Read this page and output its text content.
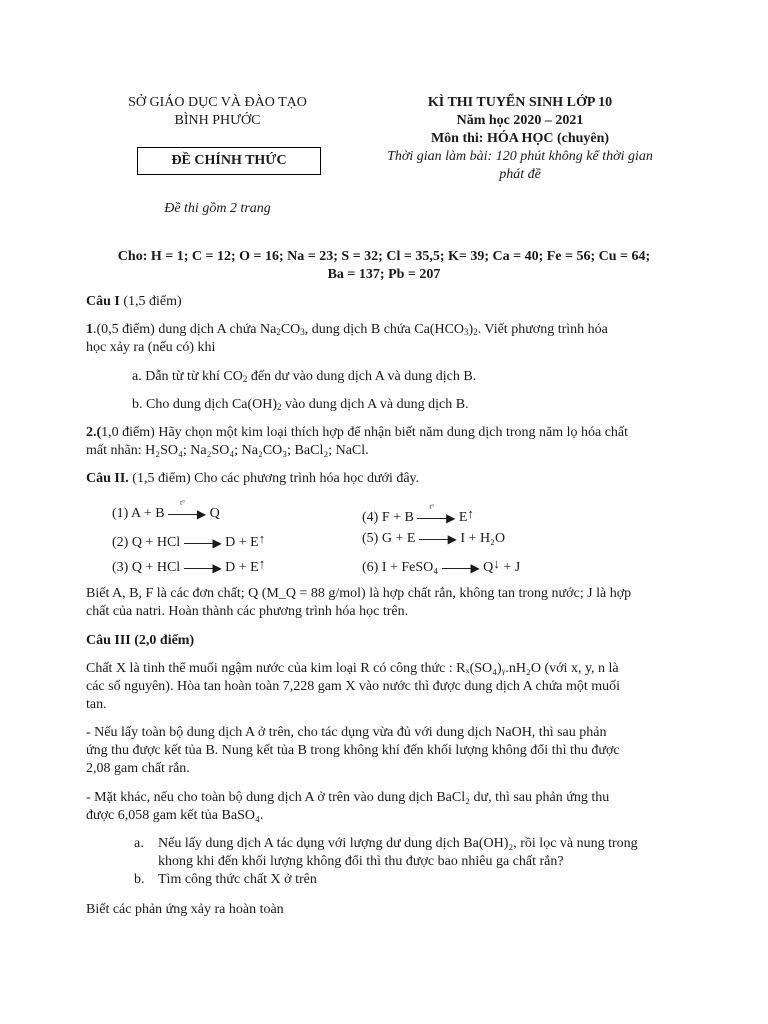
SỞ GIÁO DỤC VÀ ĐÀO TẠO
BÌNH PHƯỚC
KÌ THI TUYỂN SINH LỚP 10
Năm học 2020 – 2021
Môn thi: HÓA HỌC (chuyên)
Thời gian làm bài: 120 phút không kể thời gian
phát đề
ĐỀ CHÍNH THỨC
Đề thi gồm 2 trang
Cho: H = 1; C = 12; O = 16; Na = 23; S = 32; Cl = 35,5; K= 39; Ca = 40; Fe = 56; Cu = 64;
Ba = 137; Pb = 207
Câu I (1,5 điểm)
1.(0,5 điểm) dung dịch A chứa $Na_2CO_3$, dung dịch B chứa $Ca(HCO_3)_2$. Viết phương trình hóa
học xảy ra (nếu có) khi
a. Dẫn từ từ khí $CO_2$ đến dư vào dung dịch A và dung dịch B.
b. Cho dung dịch $Ca(OH)_2$ vào dung dịch A và dung dịch B.
2.(1,0 điểm) Hãy chọn một kim loại thích hợp để nhận biết năm dung dịch trong năm lọ hóa chất
mất nhãn: H₂SO₄; Na₂SO₄; Na₂CO₃; BaCl₂; NaCl.
Câu II. (1,5 điểm) Cho các phương trình hóa học dưới đây.
(1) A + B
t°
▶ Q
(2) Q + HCl	▶ D + E↑
(3) Q + HCl	▶ D + E↑
(4) F + B
t°
▶ E↑
(5) G + E	▶ I + H₂O
(6) I + FeSO₄	▶ Q↓ + J
Biết A, B, F là các đơn chất; Q (M_Q = 88 g/mol) là hợp chất rắn, không tan trong nước; J là hợp
chất của natri. Hoàn thành các phương trình hóa học trên.
Câu III (2,0 điểm)
Chất X là tinh thể muối ngậm nước của kim loại R có công thức : Rₓ(SO₄)ᵧ.nH₂O (với x, y, n là
các số nguyên). Hòa tan hoàn toàn 7,228 gam X vào nước thì được dung dịch A chứa một muối
tan.
- Nếu lấy toàn bộ dung dịch A ở trên, cho tác dụng vừa đủ với dung dịch NaOH, thì sau phản
ứng thu được kết tủa B. Nung kết tủa B trong không khí đến khối lượng không đổi thì thu được
2,08 gam chất rắn.
- Mặt khác, nếu cho toàn bộ dung dịch A ở trên vào dung dịch BaCl₂ dư, thì sau phản ứng thu
được 6,058 gam kết tủa BaSO₄.
a. Nếu lấy dung dịch A tác dụng với lượng dư dung dịch Ba(OH)₂, rồi lọc và nung trong
khong khi đến khối lượng không đổi thì thu được bao nhiêu ga chất rắn?
b. Tìm công thức chất X ở trên
Biết các phản ứng xảy ra hoàn toàn
